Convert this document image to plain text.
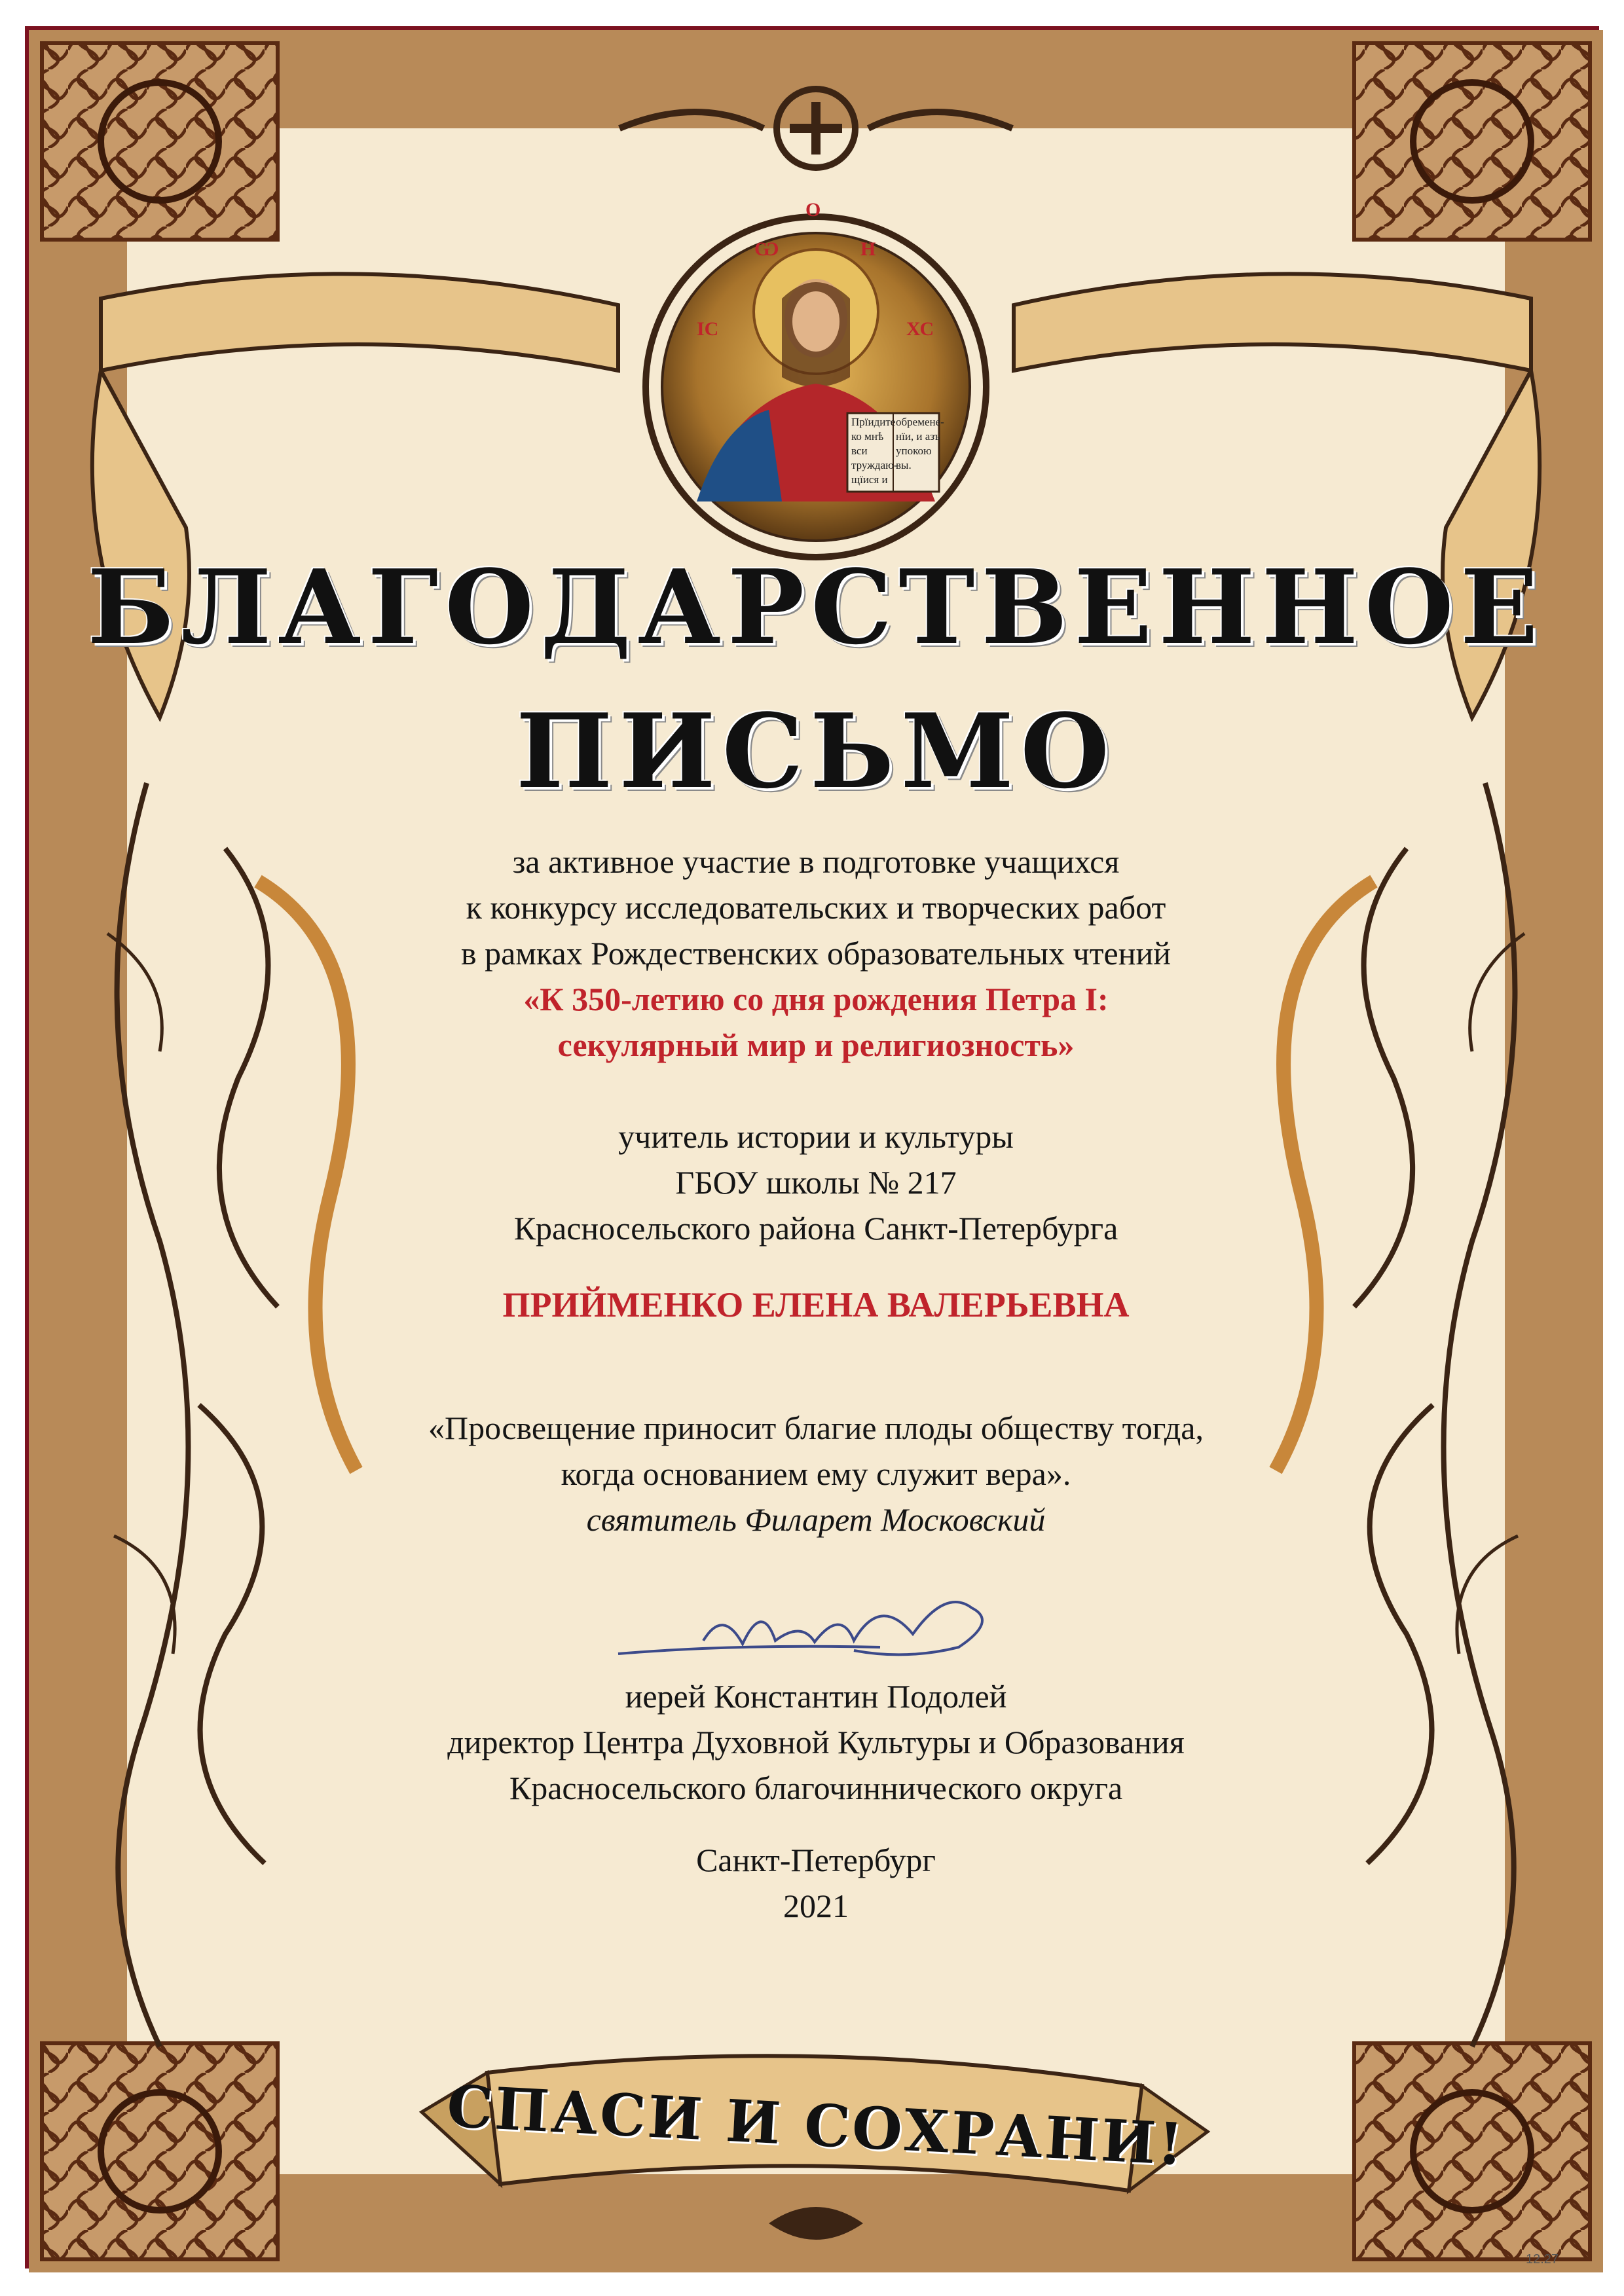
О
Ѡ	Н
ІС	ХС
Прїидите
ко мнѣ
вси
труждаю-
щїися и
обремене-
нїи, и азъ
упокою
вы.
БЛАГОДАРСТВЕННОЕ
ПИСЬМО
за активное участие в подготовке учащихся
к конкурсу исследовательских и творческих работ
в рамках Рождественских образовательных чтений
«К 350-летию со дня рождения Петра I:
секулярный мир и религиозность»
учитель истории и культуры
ГБОУ школы № 217
Красносельского района Санкт-Петербурга
ПРИЙМЕНКО ЕЛЕНА ВАЛЕРЬЕВНА
«Просвещение приносит благие плоды обществу тогда,
когда основанием ему служит вера».
святитель Филарет Московский
иерей Константин Подолей
директор Центра Духовной Культуры и Образования
Красносельского благочиннического округа
Санкт-Петербург
2021
СПАСИ И СОХРАНИ!
12.27
